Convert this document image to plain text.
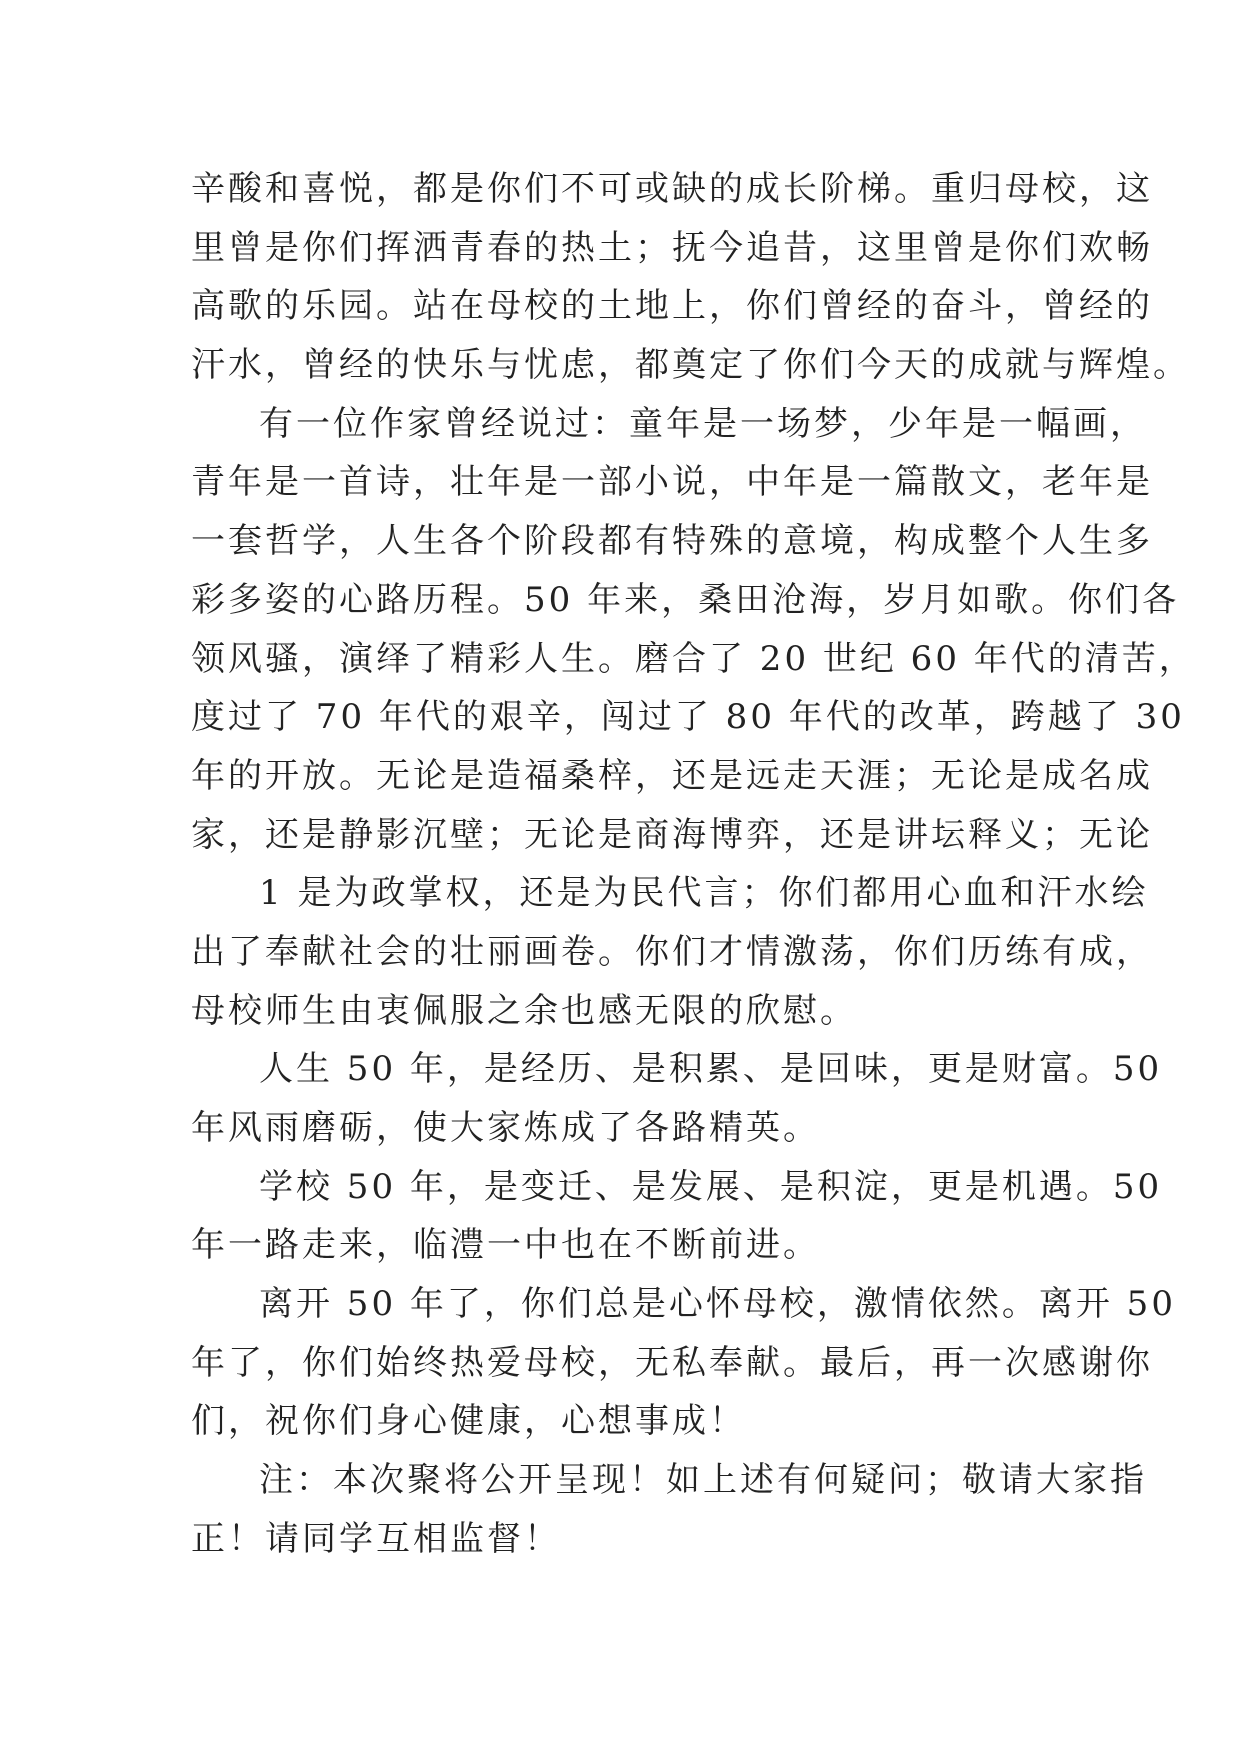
辛酸和喜悦，都是你们不可或缺的成长阶梯。重归母校，这
里曾是你们挥洒青春的热土；抚今追昔，这里曾是你们欢畅
高歌的乐园。站在母校的土地上，你们曾经的奋斗，曾经的
汗水，曾经的快乐与忧虑，都奠定了你们今天的成就与辉煌。
有一位作家曾经说过：童年是一场梦，少年是一幅画，
青年是一首诗，壮年是一部小说，中年是一篇散文，老年是
一套哲学，人生各个阶段都有特殊的意境，构成整个人生多
彩多姿的心路历程。50 年来，桑田沧海，岁月如歌。你们各
领风骚，演绎了精彩人生。磨合了 20 世纪 60 年代的清苦，
度过了 70 年代的艰辛，闯过了 80 年代的改革，跨越了 30
年的开放。无论是造福桑梓，还是远走天涯；无论是成名成
家，还是静影沉壁；无论是商海博弈，还是讲坛释义；无论
1 是为政掌权，还是为民代言；你们都用心血和汗水绘
出了奉献社会的壮丽画卷。你们才情激荡，你们历练有成，
母校师生由衷佩服之余也感无限的欣慰。
人生 50 年，是经历、是积累、是回味，更是财富。50
年风雨磨砺，使大家炼成了各路精英。
学校 50 年，是变迁、是发展、是积淀，更是机遇。50
年一路走来，临澧一中也在不断前进。
离开 50 年了，你们总是心怀母校，激情依然。离开 50
年了，你们始终热爱母校，无私奉献。最后，再一次感谢你
们，祝你们身心健康，心想事成！
注：本次聚将公开呈现！如上述有何疑问；敬请大家指
正！请同学互相监督！
